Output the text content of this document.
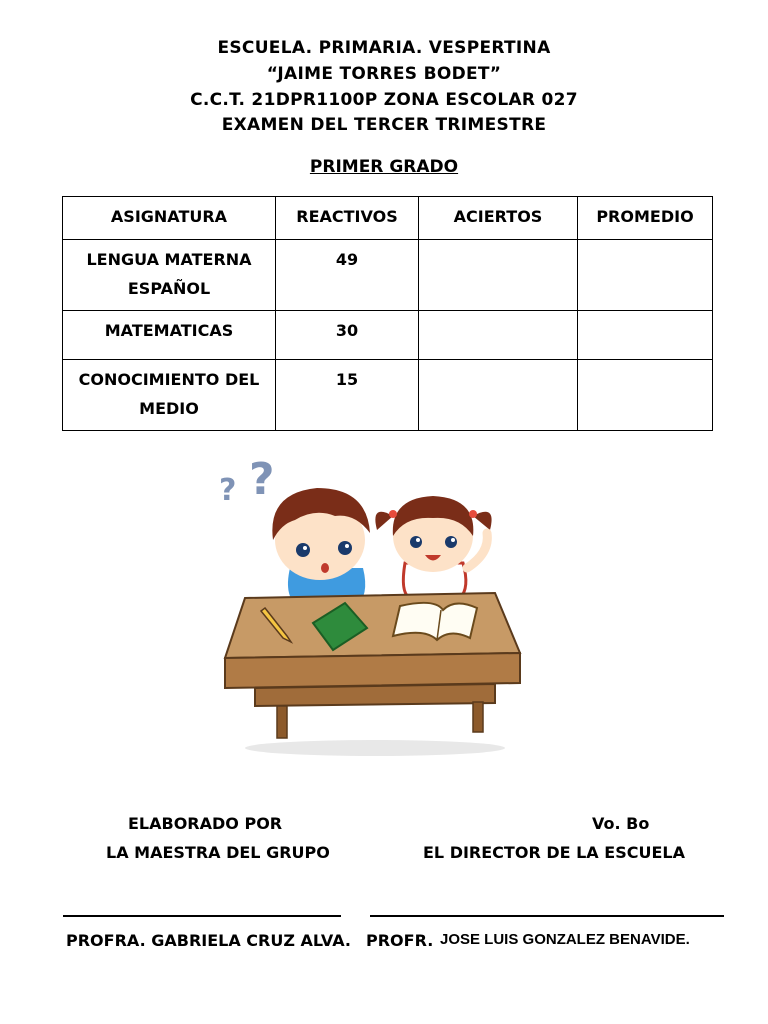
ESCUELA. PRIMARIA. VESPERTINA
“JAIME TORRES BODET”
C.C.T. 21DPR1100P ZONA ESCOLAR 027
EXAMEN DEL TERCER TRIMESTRE
PRIMER GRADO
ASIGNATURA	REACTIVOS	ACIERTOS	PROMEDIO

LENGUA MATERNA
ESPAÑOL	49		

MATEMATICAS	30		

CONOCIMIENTO DEL
MEDIO	15		
? ?
ELABORADO POR
LA MAESTRA DEL GRUPO
Vo. Bo
EL DIRECTOR DE LA ESCUELA
PROFRA. GABRIELA CRUZ ALVA. PROFR. JOSE LUIS GONZALEZ BENAVIDE.
